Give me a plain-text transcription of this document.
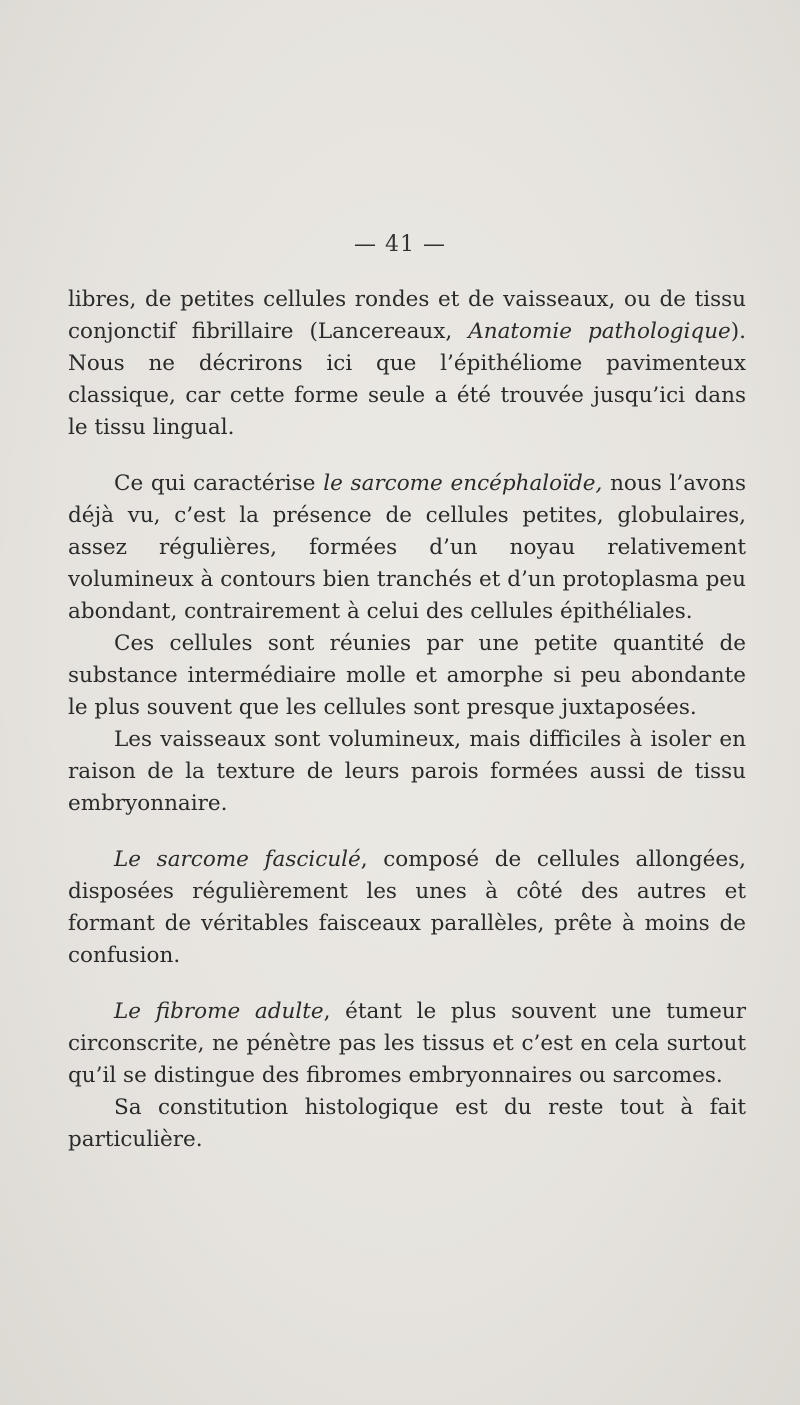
— 41 —

libres, de petites cellules rondes et de vaisseaux, ou de tissu conjonctif fibrillaire (Lancereaux, Anatomie pathologique). Nous ne décrirons ici que l’épithéliome pavimenteux classique, car cette forme seule a été trouvée jusqu’ici dans le tissu lingual.

Ce qui caractérise le sarcome encéphaloïde, nous l’avons déjà vu, c’est la présence de cellules petites, globulaires, assez régulières, formées d’un noyau relativement volumineux à contours bien tranchés et d’un protoplasma peu abondant, contrairement à celui des cellules épithéliales.

Ces cellules sont réunies par une petite quantité de substance intermédiaire molle et amorphe si peu abondante le plus souvent que les cellules sont presque juxtaposées.

Les vaisseaux sont volumineux, mais difficiles à isoler en raison de la texture de leurs parois formées aussi de tissu embryonnaire.

Le sarcome fasciculé, composé de cellules allongées, disposées régulièrement les unes à côté des autres et formant de véritables faisceaux parallèles, prête à moins de confusion.

Le fibrome adulte, étant le plus souvent une tumeur circonscrite, ne pénètre pas les tissus et c’est en cela surtout qu’il se distingue des fibromes embryonnaires ou sarcomes.

Sa constitution histologique est du reste tout à fait particulière.
